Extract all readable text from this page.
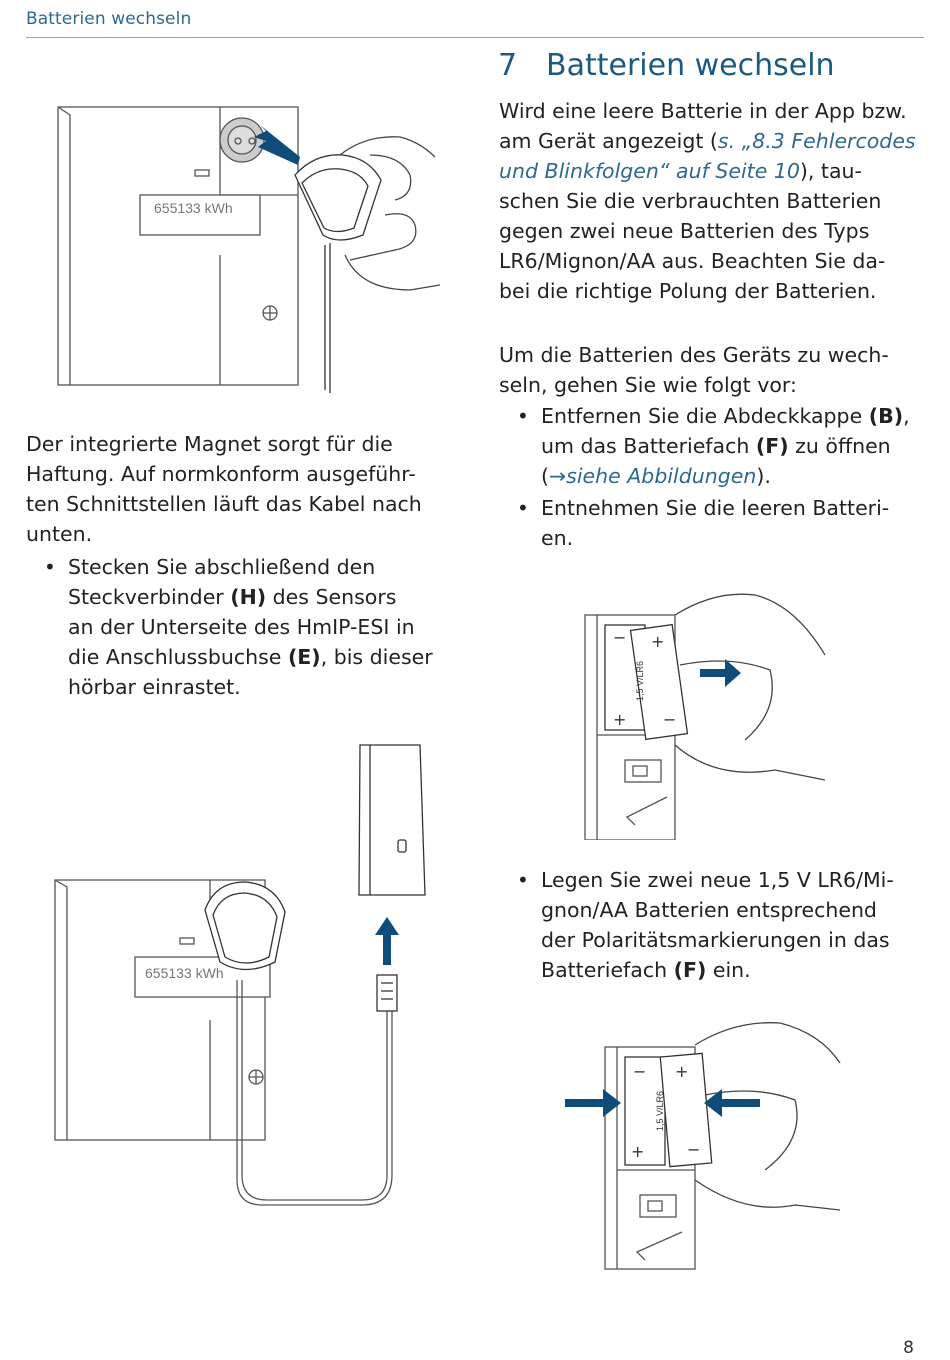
Batterien wechseln
7 Batterien wechseln

Wird eine leere Batterie in der App bzw.
am Gerät angezeigt (s. „8.3 Fehlercodes
und Blinkfolgen“ auf Seite 10), tau-
schen Sie die verbrauchten Batterien
gegen zwei neue Batterien des Typs
LR6/Mignon/AA aus. Beachten Sie da-
bei die richtige Polung der Batterien.

Um die Batterien des Geräts zu wech-
seln, gehen Sie wie folgt vor:

• Entfernen Sie die Abdeckkappe (B),
um das Batteriefach (F) zu öffnen
(→siehe Abbildungen).
• Entnehmen Sie die leeren Batteri-
en.
• Legen Sie zwei neue 1,5 V LR6/Mi-
gnon/AA Batterien entsprechend
der Polaritätsmarkierungen in das
Batteriefach (F) ein.

Der integrierte Magnet sorgt für die
Haftung. Auf normkonform ausgeführ-
ten Schnittstellen läuft das Kabel nach
unten.

• Stecken Sie abschließend den
Steckverbinder (H) des Sensors
an der Unterseite des HmIP-ESI in
die Anschlussbuchse (E), bis dieser
hörbar einrastet.
655133 kWh
−
+
+
−
1,5 V/LR6
655133 kWh
−
+
+
−
1,5 V/LR6
8
